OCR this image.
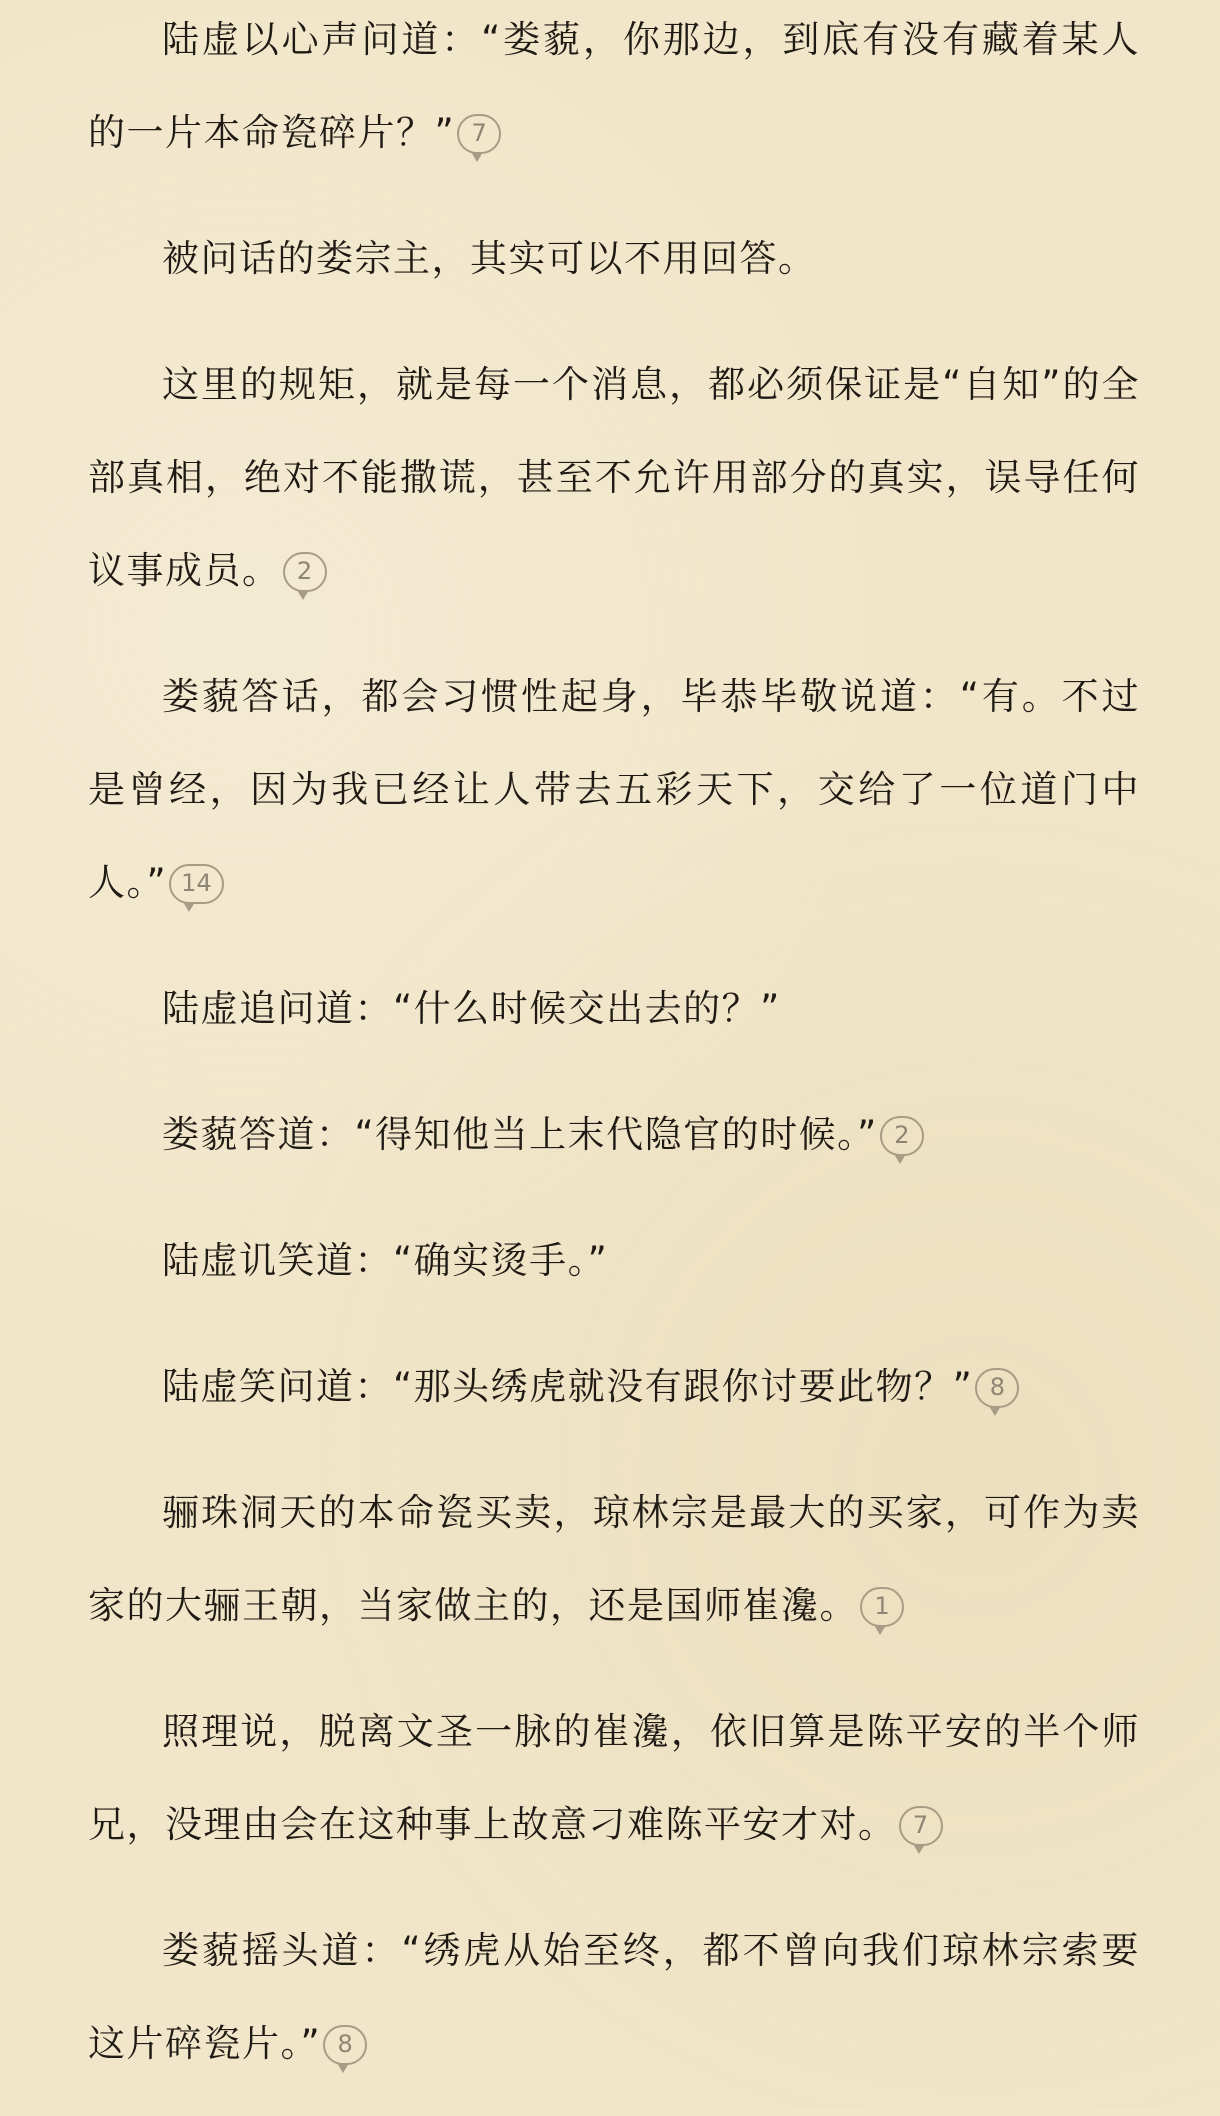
陆虚以心声问道：“娄藐，你那边，到底有没有藏着某人的一片本命瓷碎片？” 7

被问话的娄宗主，其实可以不用回答。

这里的规矩，就是每一个消息，都必须保证是“自知”的全部真相，绝对不能撒谎，甚至不允许用部分的真实，误导任何议事成员。 2

娄藐答话，都会习惯性起身，毕恭毕敬说道：“有。不过是曾经，因为我已经让人带去五彩天下，交给了一位道门中人。” 14

陆虚追问道：“什么时候交出去的？”

娄藐答道：“得知他当上末代隐官的时候。” 2

陆虚讥笑道：“确实烫手。”

陆虚笑问道：“那头绣虎就没有跟你讨要此物？” 8

骊珠洞天的本命瓷买卖，琼林宗是最大的买家，可作为卖家的大骊王朝，当家做主的，还是国师崔瀺。 1

照理说，脱离文圣一脉的崔瀺，依旧算是陈平安的半个师兄，没理由会在这种事上故意刁难陈平安才对。 7

娄藐摇头道：“绣虎从始至终，都不曾向我们琼林宗索要这片碎瓷片。” 8
